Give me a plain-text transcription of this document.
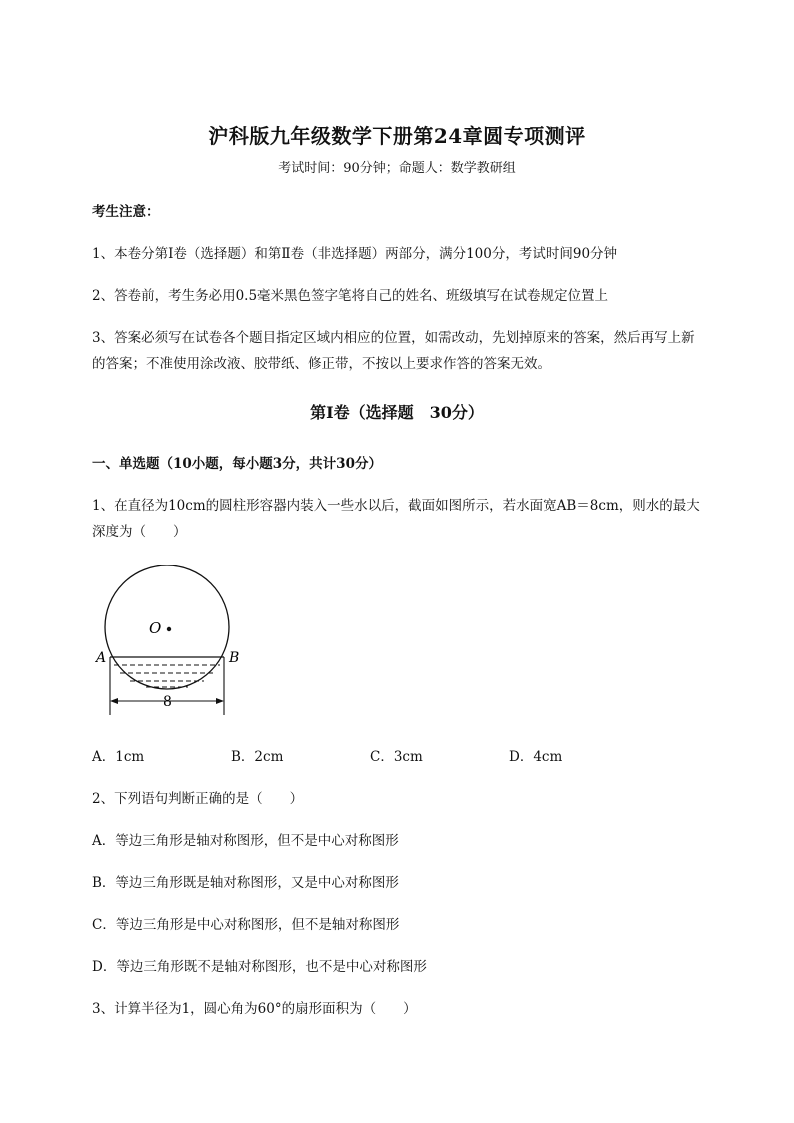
沪科版九年级数学下册第24章圆专项测评
考试时间：90分钟；命题人：数学教研组
考生注意：
1、本卷分第I卷（选择题）和第Ⅱ卷（非选择题）两部分，满分100分，考试时间90分钟
2、答卷前，考生务必用0.5毫米黑色签字笔将自己的姓名、班级填写在试卷规定位置上
3、答案必须写在试卷各个题目指定区域内相应的位置，如需改动，先划掉原来的答案，然后再写上新
的答案；不准使用涂改液、胶带纸、修正带，不按以上要求作答的答案无效。
第I卷（选择题　30分）
一、单选题（10小题，每小题3分，共计30分）
1、在直径为10cm的圆柱形容器内装入一些水以后，截面如图所示，若水面宽AB＝8cm，则水的最大
深度为（　　）
O
A	B
8
A．1cm	B．2cm	C．3cm	D．4cm
2、下列语句判断正确的是（　　）
A．等边三角形是轴对称图形，但不是中心对称图形
B．等边三角形既是轴对称图形，又是中心对称图形
C．等边三角形是中心对称图形，但不是轴对称图形
D．等边三角形既不是轴对称图形，也不是中心对称图形
3、计算半径为1，圆心角为60°的扇形面积为（　　）
